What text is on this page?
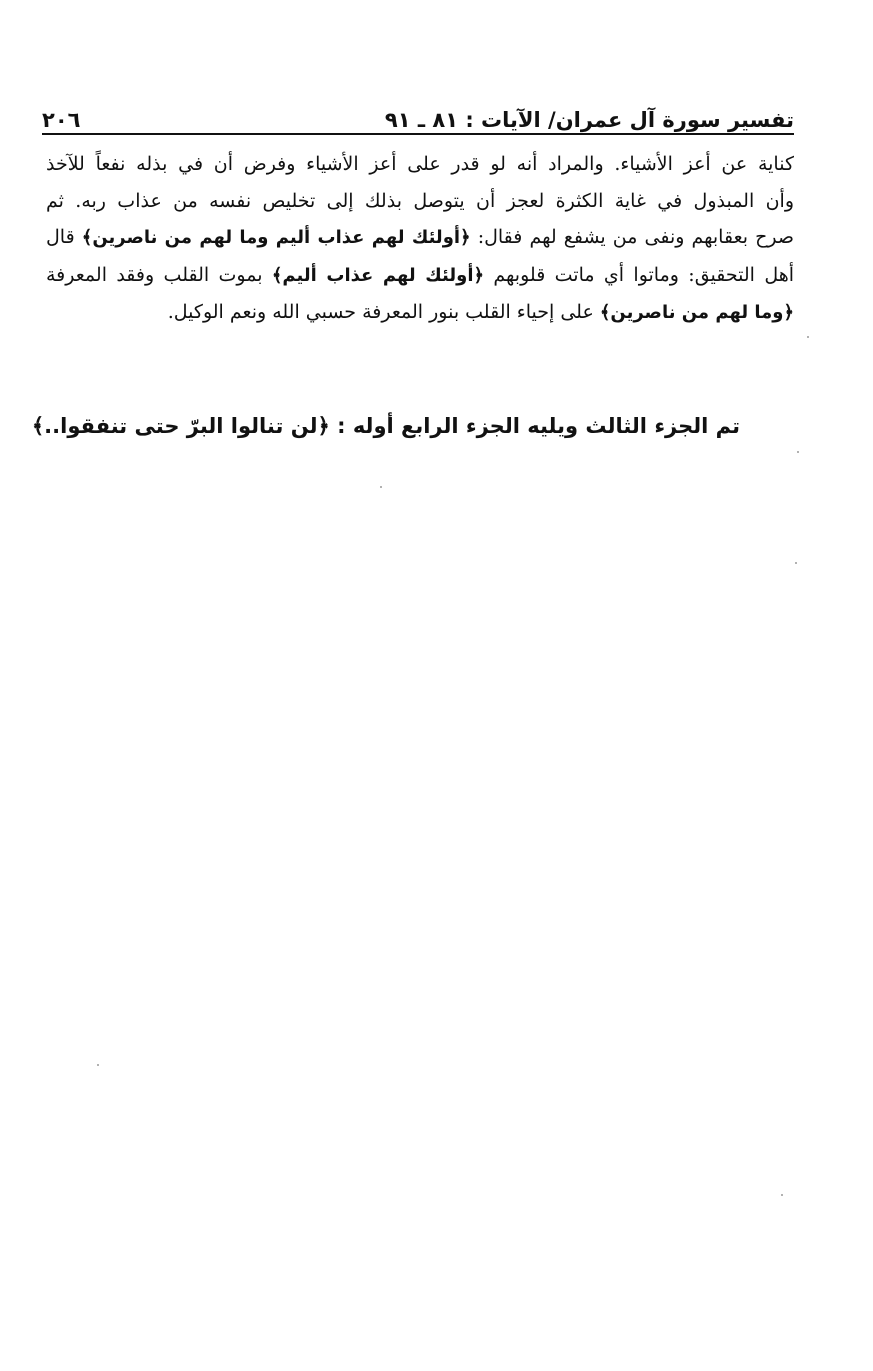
تفسير سورة آل عمران/ الآيات : ٨١ ـ ٩١
٢٠٦
كناية عن أعز الأشياء. والمراد أنه لو قدر على أعز الأشياء وفرض أن في بذله نفعاً للآخذ
وأن المبذول في غاية الكثرة لعجز أن يتوصل بذلك إلى تخليص نفسه من عذاب ربه. ثم
صرح بعقابهم ونفى من يشفع لهم فقال: ﴿أولئك لهم عذاب أليم وما لهم من ناصرين﴾ قال
أهل التحقيق: وماتوا أي ماتت قلوبهم ﴿أولئك لهم عذاب أليم﴾ بموت القلب وفقد المعرفة
﴿وما لهم من ناصرين﴾ على إحياء القلب بنور المعرفة حسبي الله ونعم الوكيل.
تم الجزء الثالث ويليه الجزء الرابع أوله : ﴿لن تنالوا البرّ حتى تنفقوا..﴾
